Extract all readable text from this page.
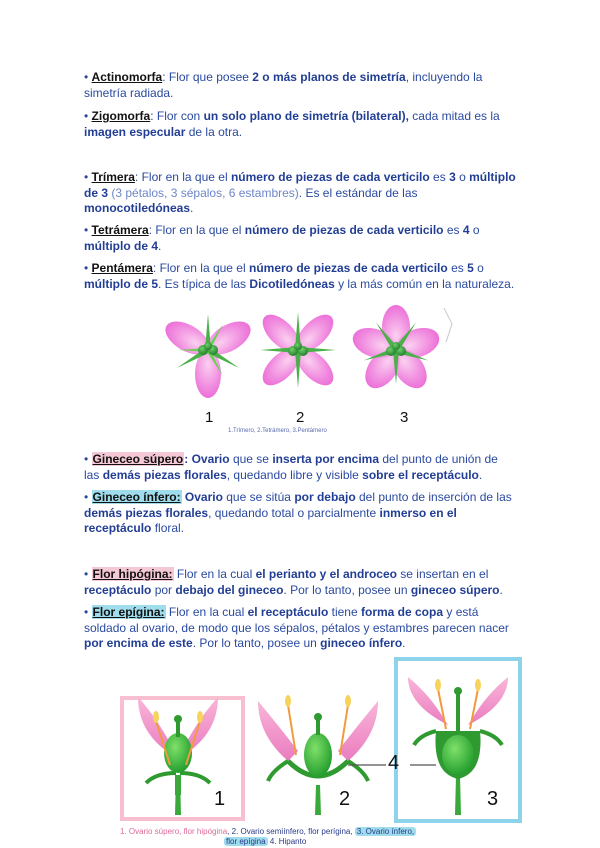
• Actinomorfa: Flor que posee 2 o más planos de simetría, incluyendo la simetría radiada.
• Zigomorfa: Flor con un solo plano de simetría (bilateral), cada mitad es la imagen especular de la otra.
• Trímera: Flor en la que el número de piezas de cada verticilo es 3 o múltiplo de 3 (3 pétalos, 3 sépalos, 6 estambres). Es el estándar de las monocotiledóneas.
• Tetrámera: Flor en la que el número de piezas de cada verticilo es 4 o múltiplo de 4.
• Pentámera: Flor en la que el número de piezas de cada verticilo es 5 o múltiplo de 5. Es típica de las Dicotiledóneas y la más común en la naturaleza.
1	2	3
1.Trímero, 2.Tetrámero, 3.Pentámero
• Gineceo súpero: Ovario que se inserta por encima del punto de unión de las demás piezas florales, quedando libre y visible sobre el receptáculo.
• Gineceo ínfero: Ovario que se sitúa por debajo del punto de inserción de las demás piezas florales, quedando total o parcialmente inmerso en el receptáculo floral.
• Flor hipógina: Flor en la cual el perianto y el androceo se insertan en el receptáculo por debajo del gineceo. Por lo tanto, posee un gineceo súpero.
• Flor epígina: Flor en la cual el receptáculo tiene forma de copa y está soldado al ovario, de modo que los sépalos, pétalos y estambres parecen nacer por encima de este. Por lo tanto, posee un gineceo ínfero.
1	2	3
4
1. Ovario súpero, flor hipógina, 2. Ovario semiínfero, flor perígina, 3. Ovario ínfero,
flor epígina 4. Hipanto
